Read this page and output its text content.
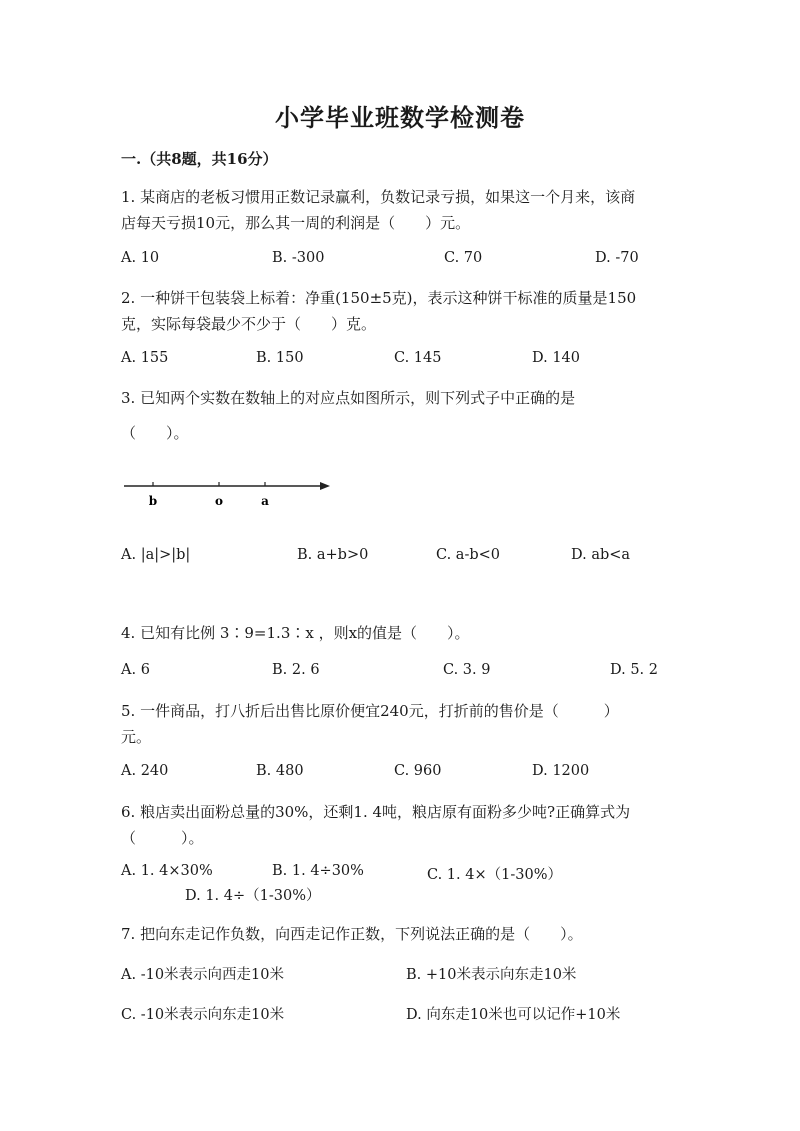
小学毕业班数学检测卷
一.（共8题，共16分）
1. 某商店的老板习惯用正数记录赢利，负数记录亏损，如果这一个月来，该商
店每天亏损10元，那么其一周的利润是（　　）元。
A. 10	B. -300	C. 70	D. -70
2. 一种饼干包装袋上标着：净重(150±5克)，表示这种饼干标准的质量是150
克，实际每袋最少不少于（　　）克。
A. 155	B. 150	C. 145	D. 140
3. 已知两个实数在数轴上的对应点如图所示，则下列式子中正确的是
（　　）。
b	o	a
A. |a|>|b|	B. a+b>0	C. a-b<0	D. ab<a
4. 已知有比例 3∶9=1.3∶x ，则x的值是（　　）。
A. 6	B. 2. 6	C. 3. 9	D. 5. 2
5. 一件商品，打八折后出售比原价便宜240元，打折前的售价是（　　　）
元。
A. 240	B. 480	C. 960	D. 1200
6. 粮店卖出面粉总量的30%，还剩1. 4吨，粮店原有面粉多少吨?正确算式为
（　　　）。
A. 1. 4×30%	B. 1. 4÷30%	C. 1. 4×（1-30%）
D. 1. 4÷（1-30%）
7. 把向东走记作负数，向西走记作正数，下列说法正确的是（　　）。
A. -10米表示向西走10米	B. +10米表示向东走10米
C. -10米表示向东走10米	D. 向东走10米也可以记作+10米
